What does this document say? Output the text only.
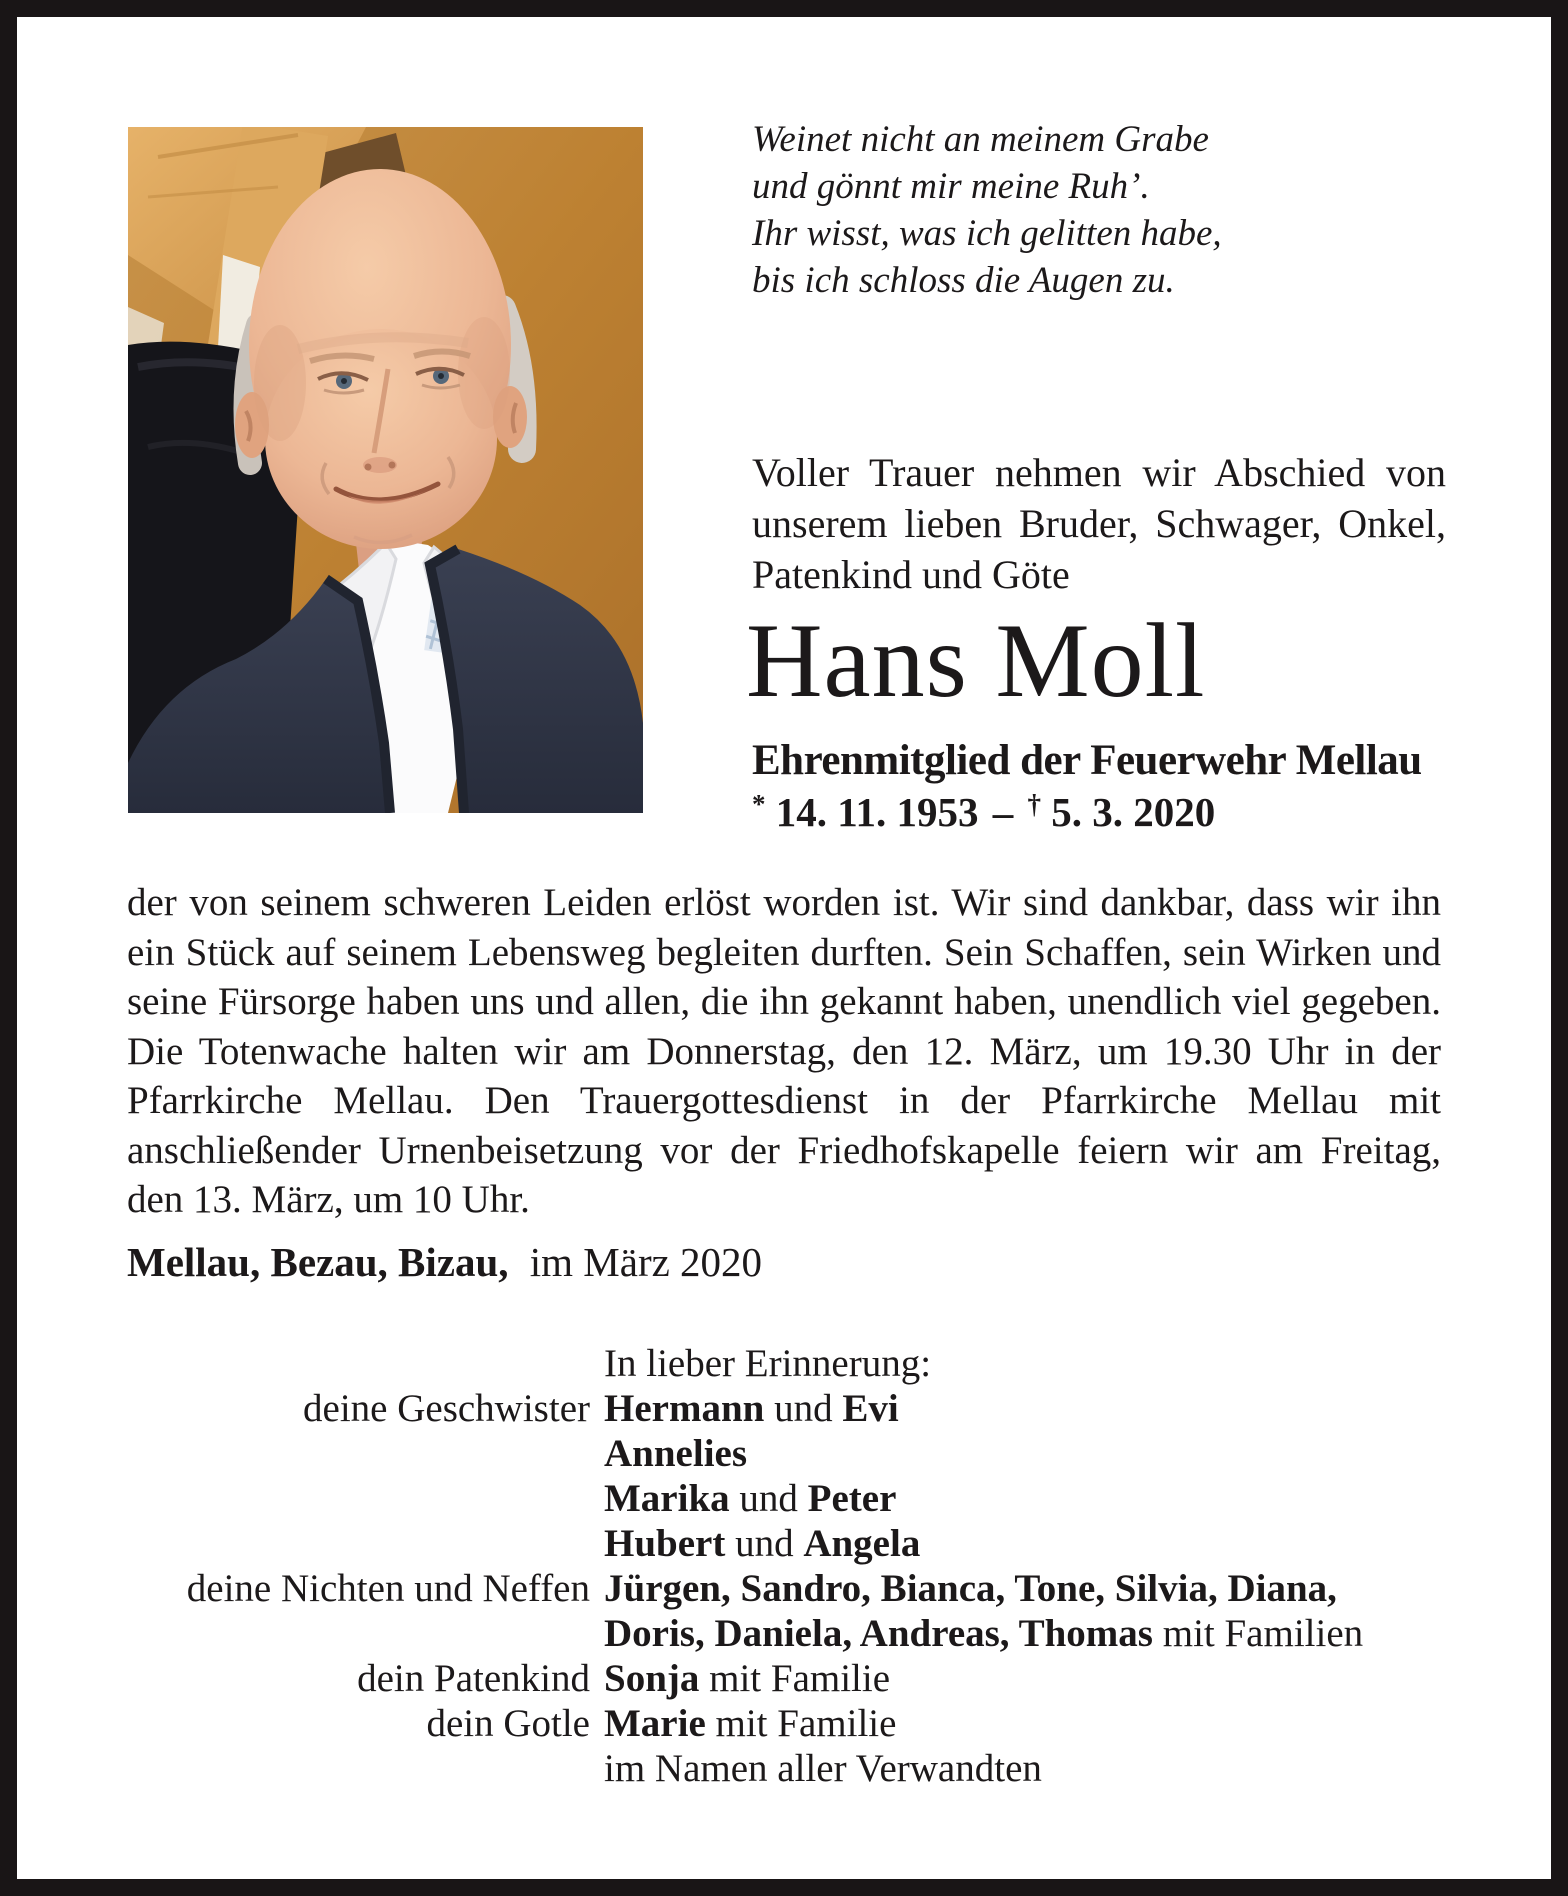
Weinet nicht an meinem Grabe
und gönnt mir meine Ruh’.
Ihr wisst, was ich gelitten habe,
bis ich schloss die Augen zu.
Voller Trauer nehmen wir Abschied von unserem lieben Bruder, Schwager, Onkel, Patenkind und Göte
Hans Moll
Ehrenmitglied der Feuerwehr Mellau
* 14. 11. 1953 – † 5. 3. 2020
der von seinem schweren Leiden erlöst worden ist. Wir sind dankbar, dass wir ihn ein Stück auf seinem Lebensweg begleiten durften. Sein Schaffen, sein Wirken und seine Fürsorge haben uns und allen, die ihn gekannt haben, unendlich viel gegeben. Die Totenwache halten wir am Donnerstag, den 12. März, um 19.30 Uhr in der Pfarrkirche Mellau. Den Trauergottesdienst in der Pfarrkirche Mellau mit anschließender Urnenbeisetzung vor der Friedhofskapelle feiern wir am Freitag, den 13. März, um 10 Uhr.
Mellau, Bezau, Bizau, im März 2020
In lieber Erinnerung:
deine Geschwister Hermann und Evi
Annelies
Marika und Peter
Hubert und Angela
deine Nichten und Neffen Jürgen, Sandro, Bianca, Tone, Silvia, Diana,
Doris, Daniela, Andreas, Thomas mit Familien
dein Patenkind Sonja mit Familie
dein Gotle Marie mit Familie
im Namen aller Verwandten
